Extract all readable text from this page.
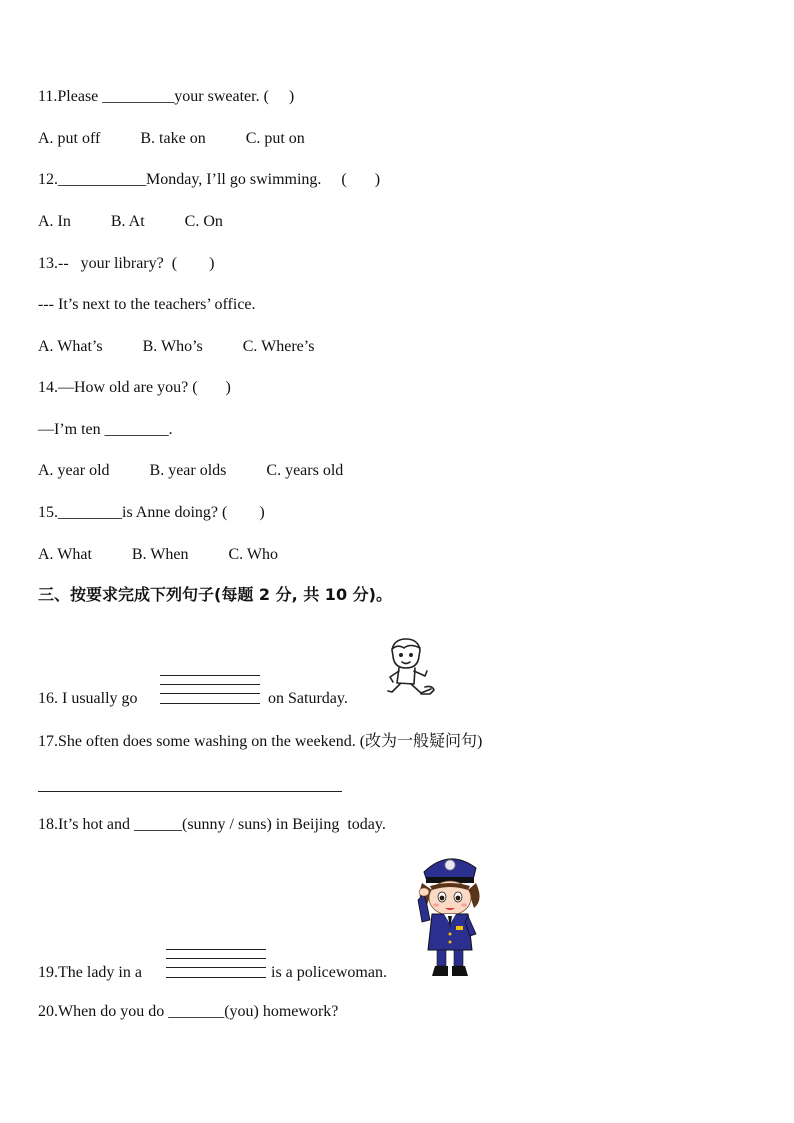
11.Please _________your sweater. (     )
A. put off          B. take on          C. put on
12.___________Monday, I’ll go swimming.     (       )
A. In          B. At          C. On
13.--   your library?  (        )
--- It’s next to the teachers’ office.
A. What’s          B. Who’s          C. Where’s
14.—How old are you? (       )
—I’m ten ________.
A. year old          B. year olds          C. years old
15.________is Anne doing? (        )
A. What          B. When          C. Who
三、按要求完成下列句子(每题 2 分, 共 10 分)。
16. I usually go	on Saturday.
17.She often does some washing on the weekend. (改为一般疑问句)
18.It’s hot and ______(sunny / suns) in Beijing  today.
19.The lady in a	is a policewoman.
20.When do you do _______(you) homework?
